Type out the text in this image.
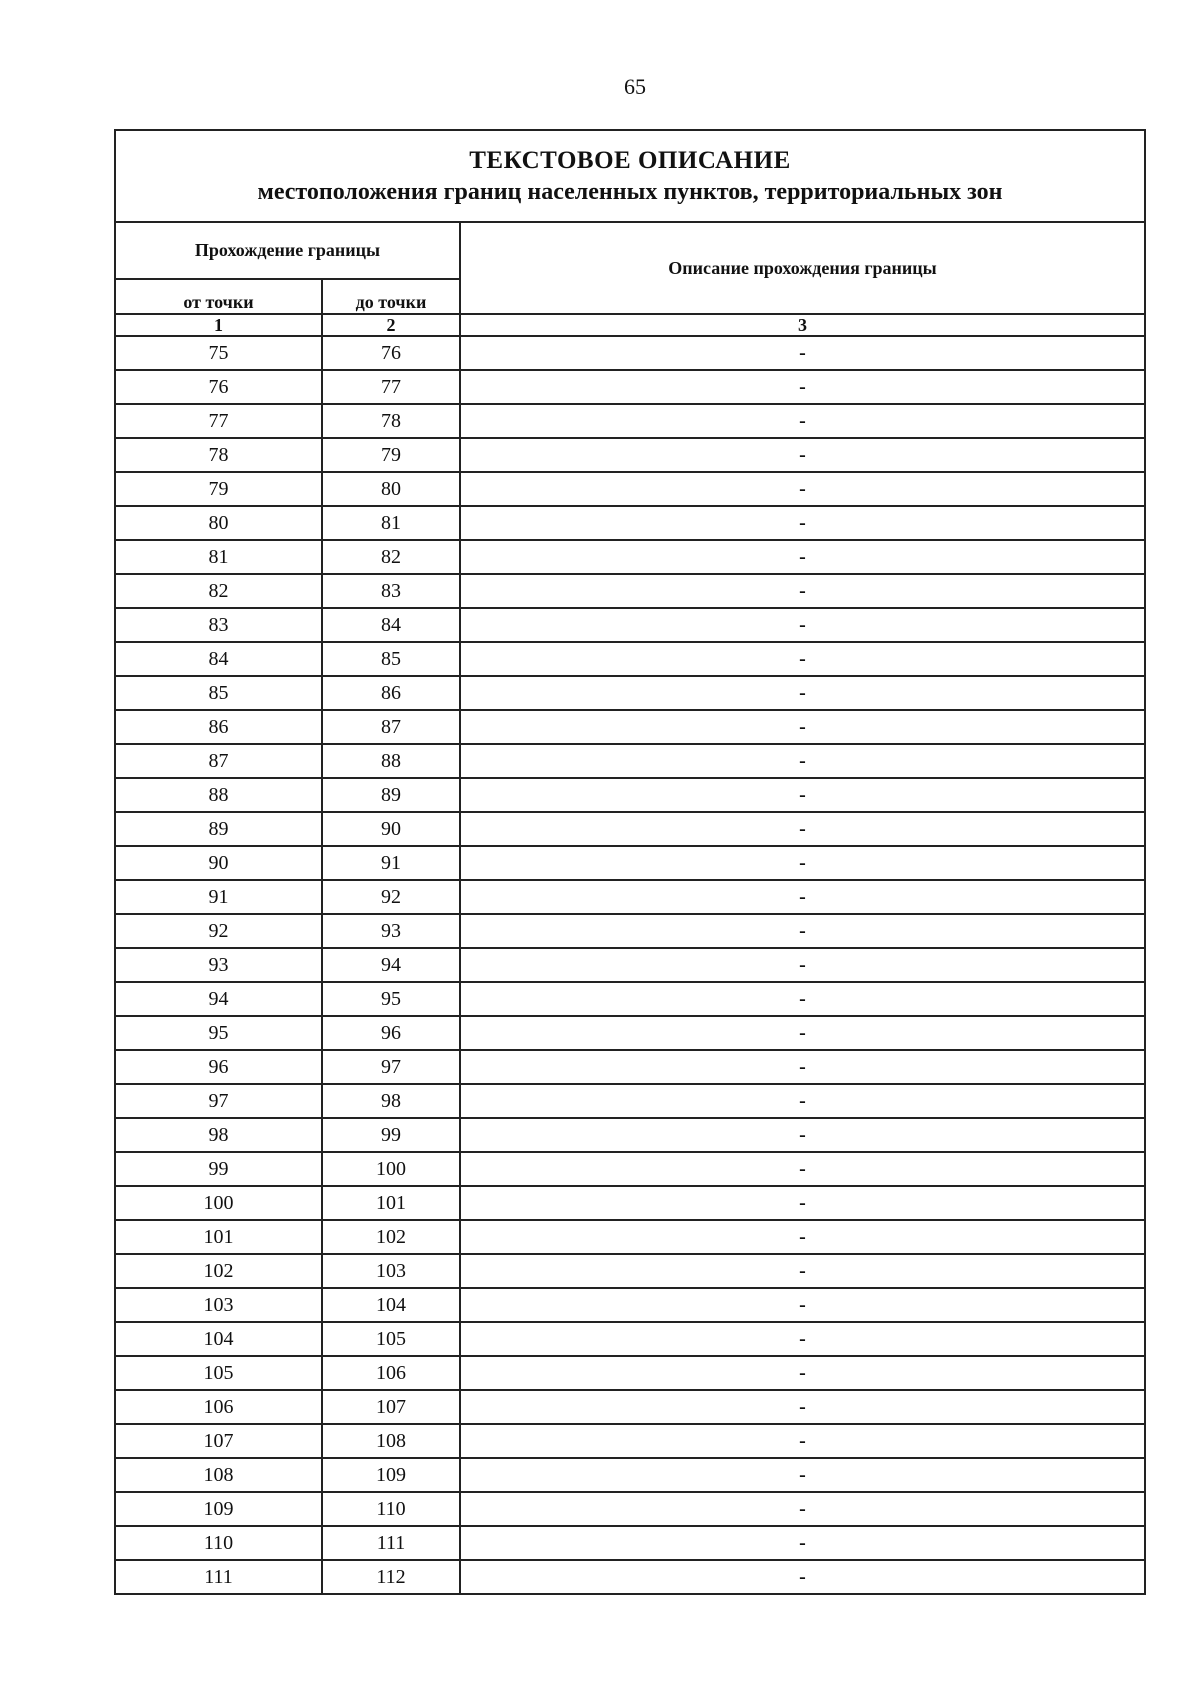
65
ТЕКСТОВОЕ ОПИСАНИЕ
местоположения границ населенных пунктов, территориальных зон		

Прохождение границы		Описание прохождения границы
от точки	до точки	
1	2	3
75	76	-
76	77	-
77	78	-
78	79	-
79	80	-
80	81	-
81	82	-
82	83	-
83	84	-
84	85	-
85	86	-
86	87	-
87	88	-
88	89	-
89	90	-
90	91	-
91	92	-
92	93	-
93	94	-
94	95	-
95	96	-
96	97	-
97	98	-
98	99	-
99	100	-
100	101	-
101	102	-
102	103	-
103	104	-
104	105	-
105	106	-
106	107	-
107	108	-
108	109	-
109	110	-
110	111	-
111	112	-
